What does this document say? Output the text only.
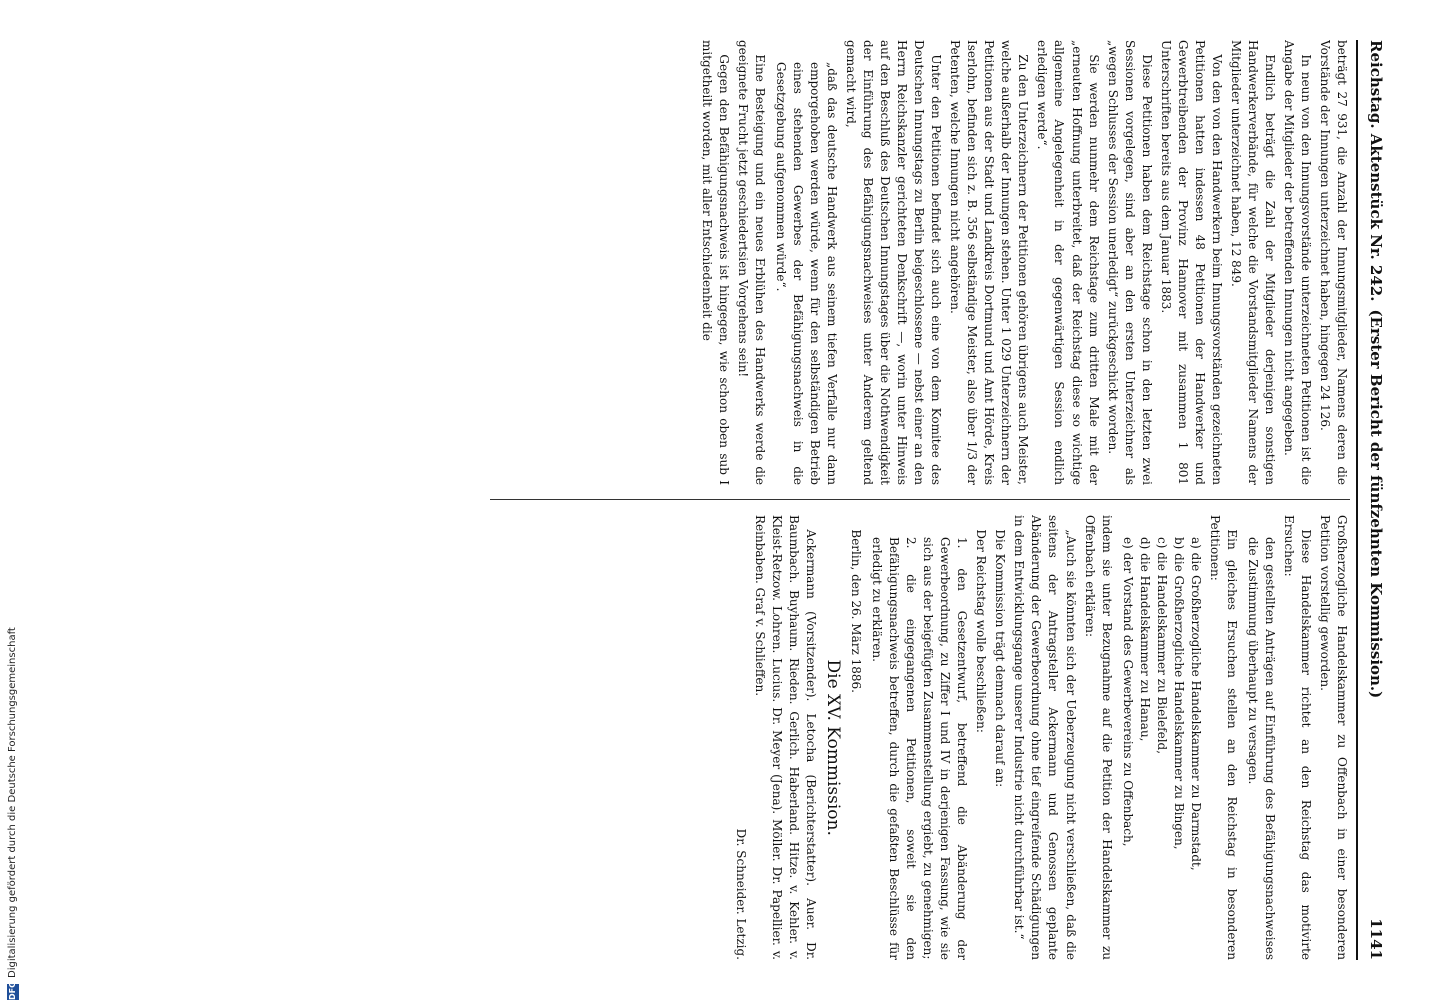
Reichstag. Aktenstück Nr. 242.
(Erster Bericht der fünfzehnten Kommission.)
1141

beträgt 27 931, die Anzahl der Innungsmitglieder, Namens deren die Vorstände der Innungen unterzeichnet haben, hingegen 24 126.

In neun von den Innungsvorstände unterzeichneten Petitionen ist die Angabe der Mitglieder der betreffenden Innungen nicht angegeben.

Endlich beträgt die Zahl der Mitglieder derjenigen sonstigen Handwerkerverbände, für welche die Vorstandsmitglieder Namens der Mitglieder unterzeichnet haben, 12 849.

Von den von den Handwerkern beim Innungsvorständen gezeichneten Petitionen hatten indessen 48 Petitionen der Handwerker und Gewerbtreibenden der Provinz Hannover mit zusammen 1 801 Unterschriften bereits aus dem Januar 1883.

Diese Petitionen haben dem Reichstage schon in den letzten zwei Sessionen vorgelegen, sind aber an den ersten Unterzeichner als „wegen Schlusses der Session unerledigt“ zurückgeschickt worden.

Sie werden nunmehr dem Reichstage zum dritten Male mit der „erneuten Hoffnung unterbreitet, daß der Reichstag diese so wichtige allgemeine Angelegenheit in der gegenwärtigen Session endlich erledigen werde“.

Zu den Unterzeichnern der Petitionen gehören übrigens auch Meister, welche außerhalb der Innungen stehen. Unter 1 029 Unterzeichnern der Petitionen aus der Stadt und Landkreis Dortmund und Amt Hörde, Kreis Iserlohn, befinden sich z. B. 356 selbständige Meister, also über 1/3 der Petenten, welche Innungen nicht angehören.

Unter den Petitionen befindet sich auch eine von dem Komitee des Deutschen Innungstags zu Berlin beigeschlossene — nebst einer an den Herrn Reichskanzler gerichteten Denkschrift —, worin unter Hinweis auf den Beschluß des Deutschen Innungstages über die Nothwendigkeit der Einführung des Befähigungsnachweises unter Anderem geltend gemacht wird,

„daß das deutsche Handwerk aus seinem tiefen Verfalle nur dann emporgehoben werden würde, wenn für den selbständigen Betrieb eines stehenden Gewerbes der Befähigungsnachweis in die Gesetzgebung aufgenommen würde“.

Eine Besteigung und ein neues Erblühen des Handwerks werde die geeignete Frucht jetzt geschiedertsien Vorgehens sein!

Gegen den Befähigungsnachweis ist hingegen, wie schon oben sub I mitgetheilt worden, mit aller Entschiedenheit die

Großherzogliche Handelskammer zu Offenbach in einer besonderen Petition vorstellig geworden.

Diese Handelskammer richtet an den Reichstag das motivirte Ersuchen:

den gestellten Anträgen auf Einführung des Befähigungsnachweises die Zustimmung überhaupt zu versagen.

Ein gleiches Ersuchen stellen an den Reichstag in besonderen Petitionen:

a) die Großherzogliche Handelskammer zu Darmstadt,
b) die Großherzogliche Handelskammer zu Bingen,
c) die Handelskammer zu Bielefeld,
d) die Handelskammer zu Hanau,
e) der Vorstand des Gewerbevereins zu Offenbach,

indem sie unter Bezugnahme auf die Petition der Handelskammer zu Offenbach erklären:

„Auch sie könnten sich der Ueberzeugung nicht verschließen, daß die seitens der Antragsteller Ackermann und Genossen geplante Abänderung der Gewerbeordnung ohne tief eingreifende Schädigungen in dem Entwicklungsgange unserer Industrie nicht durchführbar ist.“

Die Kommission trägt demnach darauf an:

Der Reichstag wolle beschließen:

1. den Gesetzentwurf, betreffend die Abänderung der Gewerbeordnung, zu Ziffer I und IV in derjenigen Fassung, wie sie sich aus der beigefügten Zusammenstellung ergiebt, zu genehmigen;
2. die eingegangenen Petitionen, soweit sie den Befähigungsnachweis betreffen, durch die gefaßten Beschlüsse für erledigt zu erklären.

Berlin, den 26. März 1886.

Die XV. Kommission.

Ackermann (Vorsitzender). Letocha (Berichterstatter). Auer. Dr. Baumbach. Buyhaum. Rieden. Gerlich. Haberland. Hitze. v. Kehler. v. Kleist-Retzow. Lohren. Lucius. Dr. Meyer (Jena). Möller. Dr. Papellier. v. Reinbaben. Graf v. Schlieffen.

Dr. Schneider. Letzig.

DFG
Digitalisierung gefördert durch die Deutsche Forschungsgemeinschaft
